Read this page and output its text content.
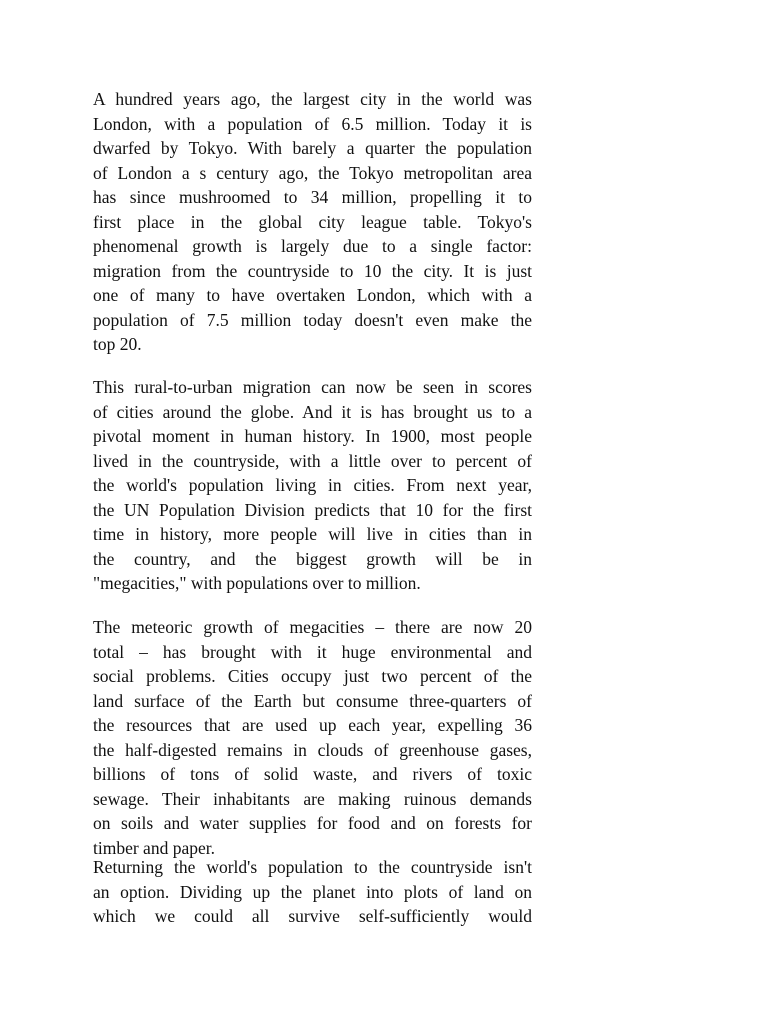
A hundred years ago, the largest city in the world was
London, with a population of 6.5 million. Today it is
dwarfed by Tokyo. With barely a quarter the population
of London a s century ago, the Tokyo metropolitan area
has since mushroomed to 34 million, propelling it to
first place in the global city league table. Tokyo's
phenomenal growth is largely due to a single factor:
migration from the countryside to 10 the city. It is just
one of many to have overtaken London, which with a
population of 7.5 million today doesn't even make the
top 20.
This rural-to-urban migration can now be seen in scores
of cities around the globe. And it is has brought us to a
pivotal moment in human history. In 1900, most people
lived in the countryside, with a little over to percent of
the world's population living in cities. From next year,
the UN Population Division predicts that 10 for the first
time in history, more people will live in cities than in
the country, and the biggest growth will be in
"megacities," with populations over to million.
The meteoric growth of megacities – there are now 20
total – has brought with it huge environmental and
social problems. Cities occupy just two percent of the
land surface of the Earth but consume three-quarters of
the resources that are used up each year, expelling 36
the half-digested remains in clouds of greenhouse gases,
billions of tons of solid waste, and rivers of toxic
sewage. Their inhabitants are making ruinous demands
on soils and water supplies for food and on forests for
timber and paper.
Returning the world's population to the countryside isn't
an option. Dividing up the planet into plots of land on
which we could all survive self-sufficiently would
